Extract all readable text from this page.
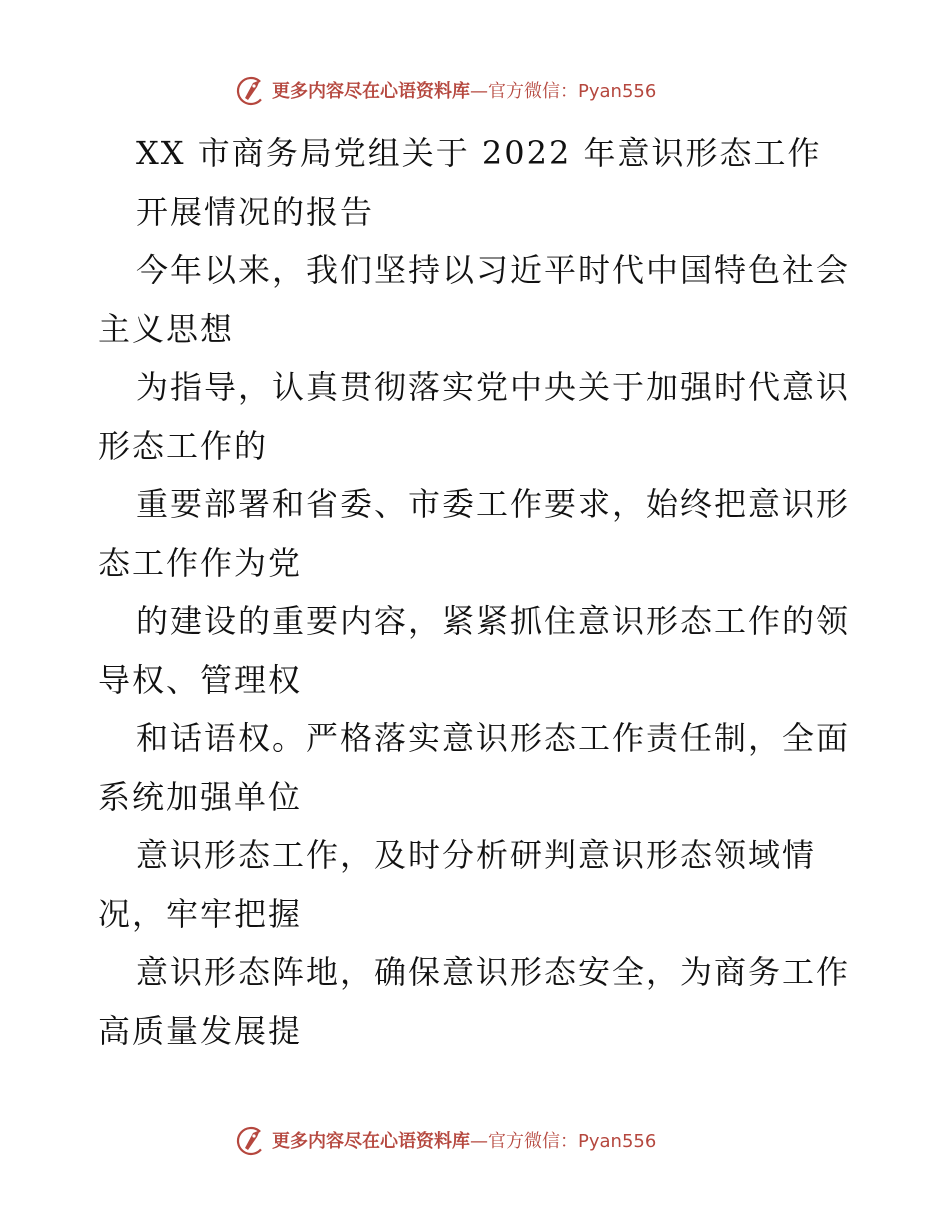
更多内容尽在心语资料库 —官方微信：Pyan556
XX 市商务局党组关于 2022 年意识形态工作
开展情况的报告
今年以来，我们坚持以习近平时代中国特色社会
主义思想
为指导，认真贯彻落实党中央关于加强时代意识
形态工作的
重要部署和省委、市委工作要求，始终把意识形
态工作作为党
的建设的重要内容，紧紧抓住意识形态工作的领
导权、管理权
和话语权。严格落实意识形态工作责任制，全面
系统加强单位
意识形态工作，及时分析研判意识形态领域情
况，牢牢把握
意识形态阵地，确保意识形态安全，为商务工作
高质量发展提
更多内容尽在心语资料库 —官方微信：Pyan556
